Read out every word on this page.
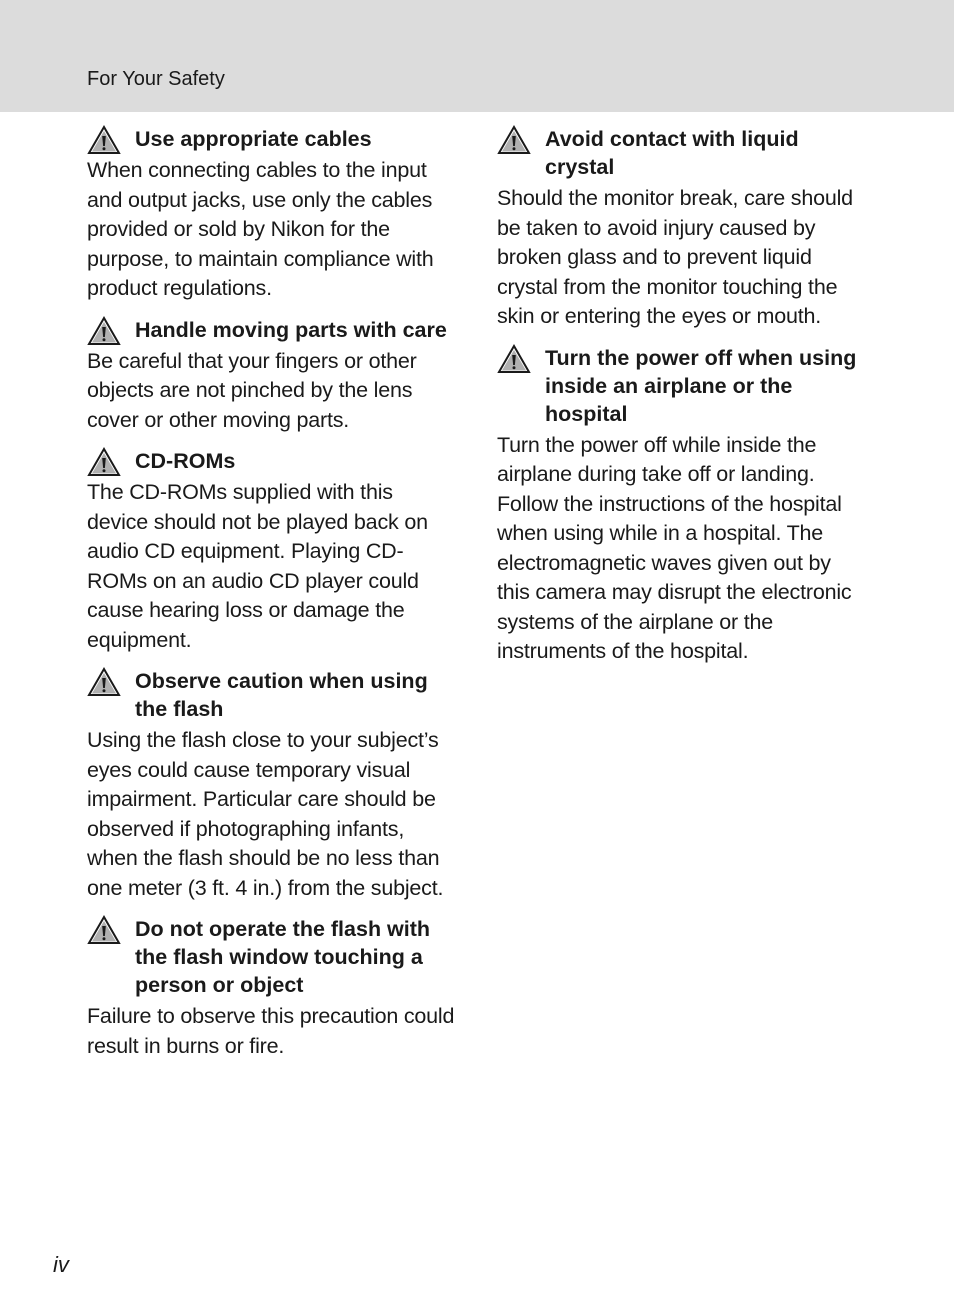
For Your Safety
Use appropriate cables
When connecting cables to the input and output jacks, use only the cables provided or sold by Nikon for the purpose, to maintain compliance with product regulations.
Handle moving parts with care
Be careful that your fingers or other objects are not pinched by the lens cover or other moving parts.
CD-ROMs
The CD-ROMs supplied with this device should not be played back on audio CD equipment. Playing CD-ROMs on an audio CD player could cause hearing loss or damage the equipment.
Observe caution when using the flash
Using the flash close to your subject’s eyes could cause temporary visual impairment. Particular care should be observed if photographing infants, when the flash should be no less than one meter (3 ft. 4 in.) from the subject.
Do not operate the flash with the flash window touching a person or object
Failure to observe this precaution could result in burns or fire.
Avoid contact with liquid crystal
Should the monitor break, care should be taken to avoid injury caused by broken glass and to prevent liquid crystal from the monitor touching the skin or entering the eyes or mouth.
Turn the power off when using inside an airplane or the hospital
Turn the power off while inside the airplane during take off or landing. Follow the instructions of the hospital when using while in a hospital. The electromagnetic waves given out by this camera may disrupt the electronic systems of the airplane or the instruments of the hospital.
iv
